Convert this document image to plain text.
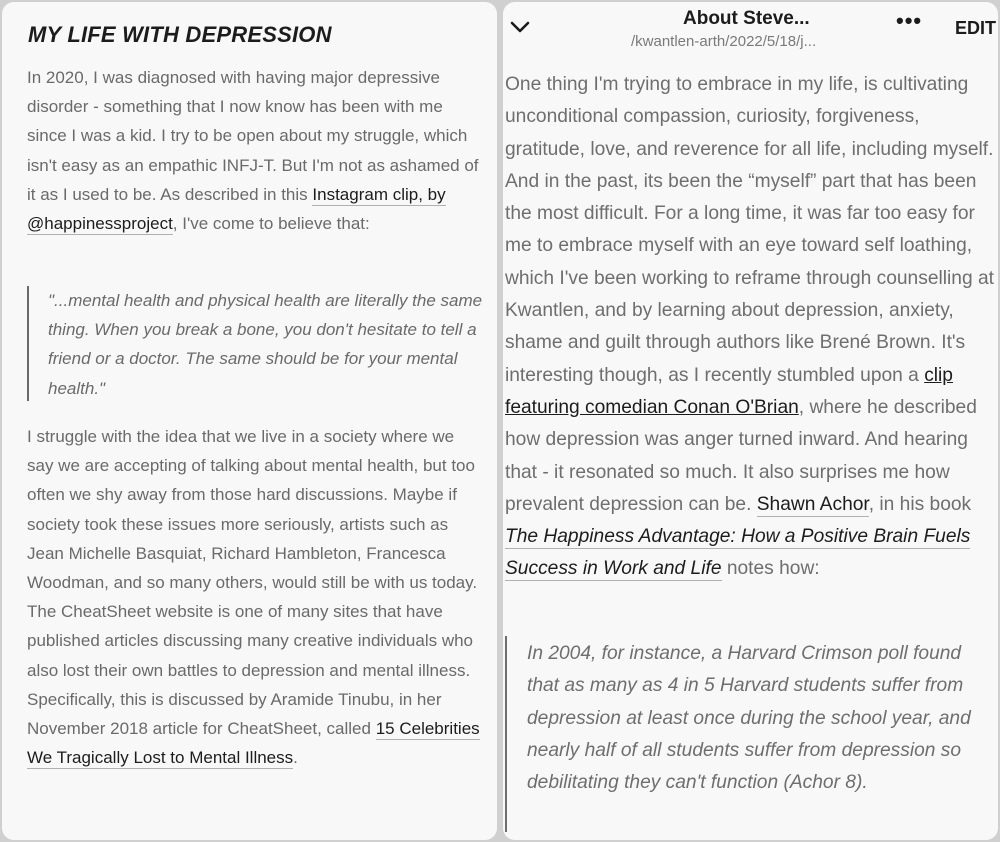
MY LIFE WITH DEPRESSION
In 2020, I was diagnosed with having major depressive disorder - something that I now know has been with me since I was a kid. I try to be open about my struggle, which isn't easy as an empathic INFJ-T. But I'm not as ashamed of it as I used to be. As described in this Instagram clip, by @happinessproject, I've come to believe that:
"...mental health and physical health are literally the same thing. When you break a bone, you don't hesitate to tell a friend or a doctor. The same should be for your mental health."
I struggle with the idea that we live in a society where we say we are accepting of talking about mental health, but too often we shy away from those hard discussions. Maybe if society took these issues more seriously, artists such as Jean Michelle Basquiat, Richard Hambleton, Francesca Woodman, and so many others, would still be with us today. The CheatSheet website is one of many sites that have published articles discussing many creative individuals who also lost their own battles to depression and mental illness. Specifically, this is discussed by Aramide Tinubu, in her November 2018 article for CheatSheet, called 15 Celebrities We Tragically Lost to Mental Illness.
About Steve...
/kwantlen-arth/2022/5/18/j...
••• EDIT
One thing I'm trying to embrace in my life, is cultivating unconditional compassion, curiosity, forgiveness, gratitude, love, and reverence for all life, including myself. And in the past, its been the “myself” part that has been the most difficult. For a long time, it was far too easy for me to embrace myself with an eye toward self loathing, which I've been working to reframe through counselling at Kwantlen, and by learning about depression, anxiety, shame and guilt through authors like Brené Brown. It's interesting though, as I recently stumbled upon a clip featuring comedian Conan O'Brian, where he described how depression was anger turned inward. And hearing that - it resonated so much. It also surprises me how prevalent depression can be. Shawn Achor, in his book The Happiness Advantage: How a Positive Brain Fuels Success in Work and Life notes how:
In 2004, for instance, a Harvard Crimson poll found that as many as 4 in 5 Harvard students suffer from depression at least once during the school year, and nearly half of all students suffer from depression so debilitating they can't function (Achor 8).
